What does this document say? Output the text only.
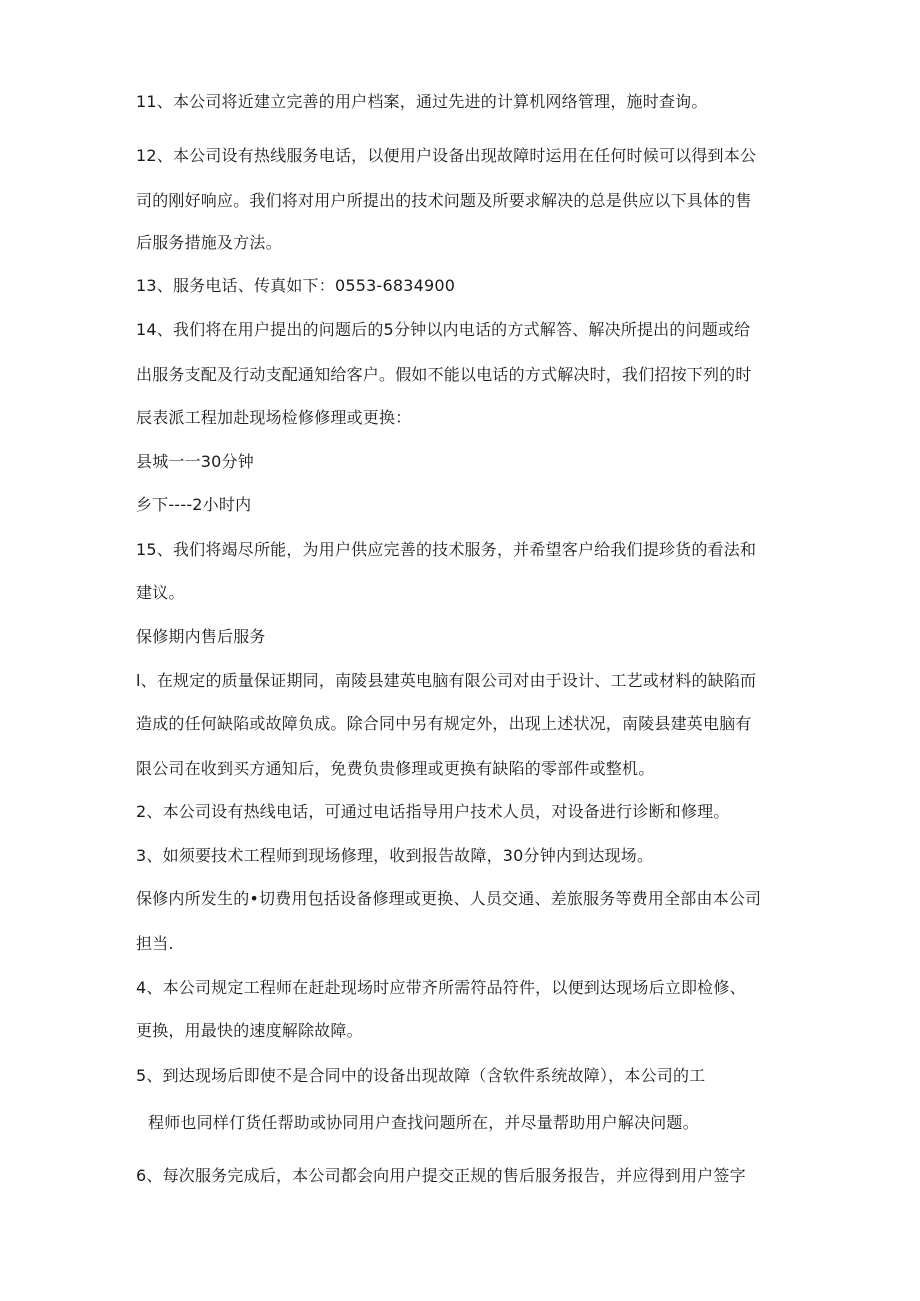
11、本公司将近建立完善的用户档案，通过先进的计算机网络管理，施时查询。
12、本公司设有热线服务电话，以便用户设备出现故障时运用在任何时候可以得到本公
司的刚好响应。我们将对用户所提出的技术问题及所要求解决的总是供应以下具体的售
后服务措施及方法。
13、服务电话、传真如下：0553-6834900
14、我们将在用户提出的问题后的5分钟以内电话的方式解答、解决所提出的问题或给
出服务支配及行动支配通知给客户。假如不能以电话的方式解决时，我们招按下列的时
辰表派工程加赴现场检修修理或更换：
县城一一30分钟
乡下----2小时内
15、我们将竭尽所能，为用户供应完善的技术服务，并希望客户给我们提珍货的看法和
建议。
保修期内售后服务
l、在规定的质量保证期同，南陵县建英电脑有限公司对由于设计、工艺或材料的缺陷而
造成的任何缺陷或故障负成。除合同中另有规定外，出现上述状况，南陵县建英电脑有
限公司在收到买方通知后，免费负贵修理或更换有缺陷的零部件或整机。
2、本公司设有热线电话，可通过电话指导用户技术人员，对设备进行诊断和修理。
3、如须要技术工程师到现场修理，收到报告故障，30分钟内到达现场。
保修内所发生的•切费用包括设备修理或更换、人员交通、差旅服务等费用全部由本公司
担当.
4、本公司规定工程师在赶赴现场时应带齐所需符品符件，以便到达现场后立即检修、
更换，用最快的速度解除故障。
5、到达现场后即使不是合同中的设备出现故障（含软件系统故障），本公司的工
程师也同样仃货任帮助或协同用户查找问题所在，并尽量帮助用户解决问题。
6、每次服务完成后，本公司都会向用户提交正规的售后服务报告，并应得到用户签字
